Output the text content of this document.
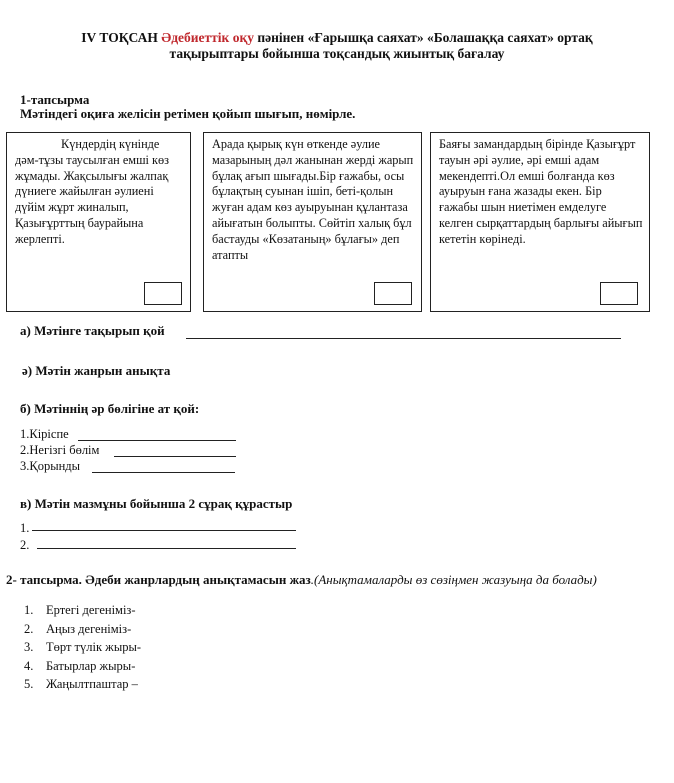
IV ТОҚСАН Әдебиеттік оқу пәнінен «Ғарышқа саяхат» «Болашаққа саяхат» ортақ
тақырыптары бойынша тоқсандық жиынтық бағалау
1-тапсырма
Мәтіндегі оқиға желісін ретімен қойып шығып, нөмірле.
Күндердің күнінде дәм-тұзы таусылған емші көз жұмады. Жақсылығы жалпақ дүниеге жайылған әулиені дүйім жұрт жиналып, Қазығұрттың баурайына жерлепті.
Арада қырық күн өткенде әулие мазарының дәл жанынан жерді жарып бұлақ ағып шығады.Бір ғажабы, осы бұлақтың суынан ішіп, беті-қолын жуған адам көз ауыруынан құлантаза айығатын болыпты. Сөйтіп халық бұл бастауды «Көзатаның» бұлағы» деп атапты
Баяғы замандардың бірінде Қазығұрт тауын әрі әулие, әрі емші адам мекендепті.Ол емші болғанда көз ауыруын ғана жазады екен. Бір ғажабы шын ниетімен емделуге келген сырқаттардың барлығы айығып кететін көрінеді.
а) Мәтінге тақырып қой
ә) Мәтін жанрын анықта
б) Мәтіннің әр бөлігіне ат қой:
1.Кіріспе
2.Негізгі бөлім
3.Қорынды
в) Мәтін мазмұны бойынша 2 сұрақ құрастыр
1.
2.
2- тапсырма. Әдеби жанрлардың анықтамасын жаз.(Анықтамаларды өз сөзіңмен жазуыңа да болады)
1. Ертегі дегеніміз-
2. Аңыз дегеніміз-
3. Төрт түлік жыры-
4. Батырлар жыры-
5. Жаңылтпаштар –
